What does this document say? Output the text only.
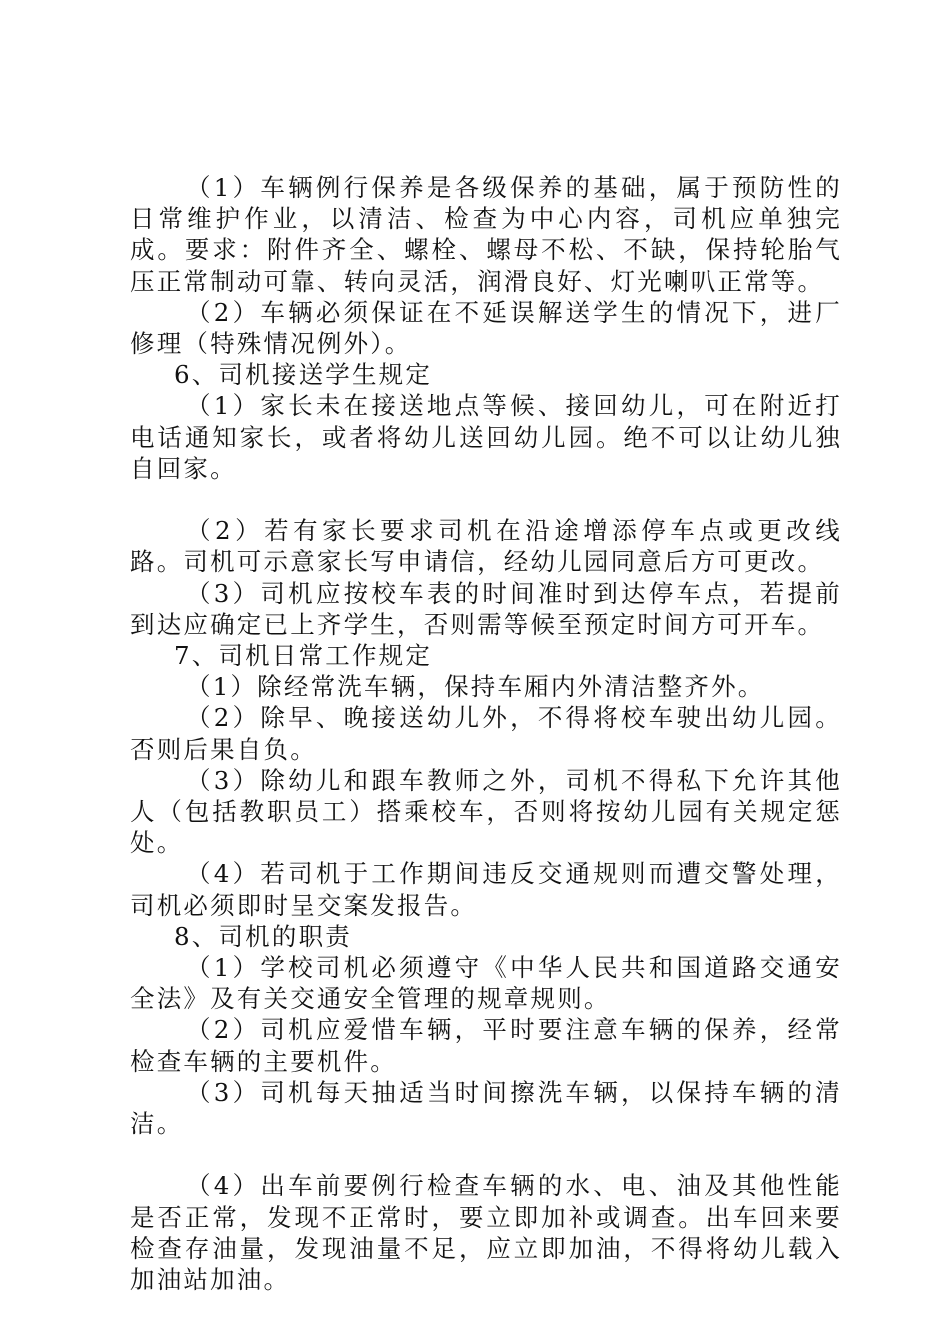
（1）车辆例行保养是各级保养的基础，属于预防性的日常维护作业，以清洁、检查为中心内容，司机应单独完成。要求：附件齐全、螺栓、螺母不松、不缺，保持轮胎气压正常制动可靠、转向灵活，润滑良好、灯光喇叭正常等。

（2）车辆必须保证在不延误解送学生的情况下，进厂修理（特殊情况例外）。

6、司机接送学生规定

（1）家长未在接送地点等候、接回幼儿，可在附近打电话通知家长，或者将幼儿送回幼儿园。绝不可以让幼儿独自回家。

（2）若有家长要求司机在沿途增添停车点或更改线路。司机可示意家长写申请信，经幼儿园同意后方可更改。

（3）司机应按校车表的时间准时到达停车点，若提前到达应确定已上齐学生，否则需等候至预定时间方可开车。

7、司机日常工作规定

（1）除经常洗车辆，保持车厢内外清洁整齐外。

（2）除早、晚接送幼儿外，不得将校车驶出幼儿园。否则后果自负。

（3）除幼儿和跟车教师之外，司机不得私下允许其他人（包括教职员工）搭乘校车，否则将按幼儿园有关规定惩处。

（4）若司机于工作期间违反交通规则而遭交警处理，司机必须即时呈交案发报告。

8、司机的职责

（1）学校司机必须遵守《中华人民共和国道路交通安全法》及有关交通安全管理的规章规则。

（2）司机应爱惜车辆，平时要注意车辆的保养，经常检查车辆的主要机件。

（3）司机每天抽适当时间擦洗车辆，以保持车辆的清洁。

（4）出车前要例行检查车辆的水、电、油及其他性能是否正常，发现不正常时，要立即加补或调查。出车回来要检查存油量，发现油量不足，应立即加油，不得将幼儿载入加油站加油。
